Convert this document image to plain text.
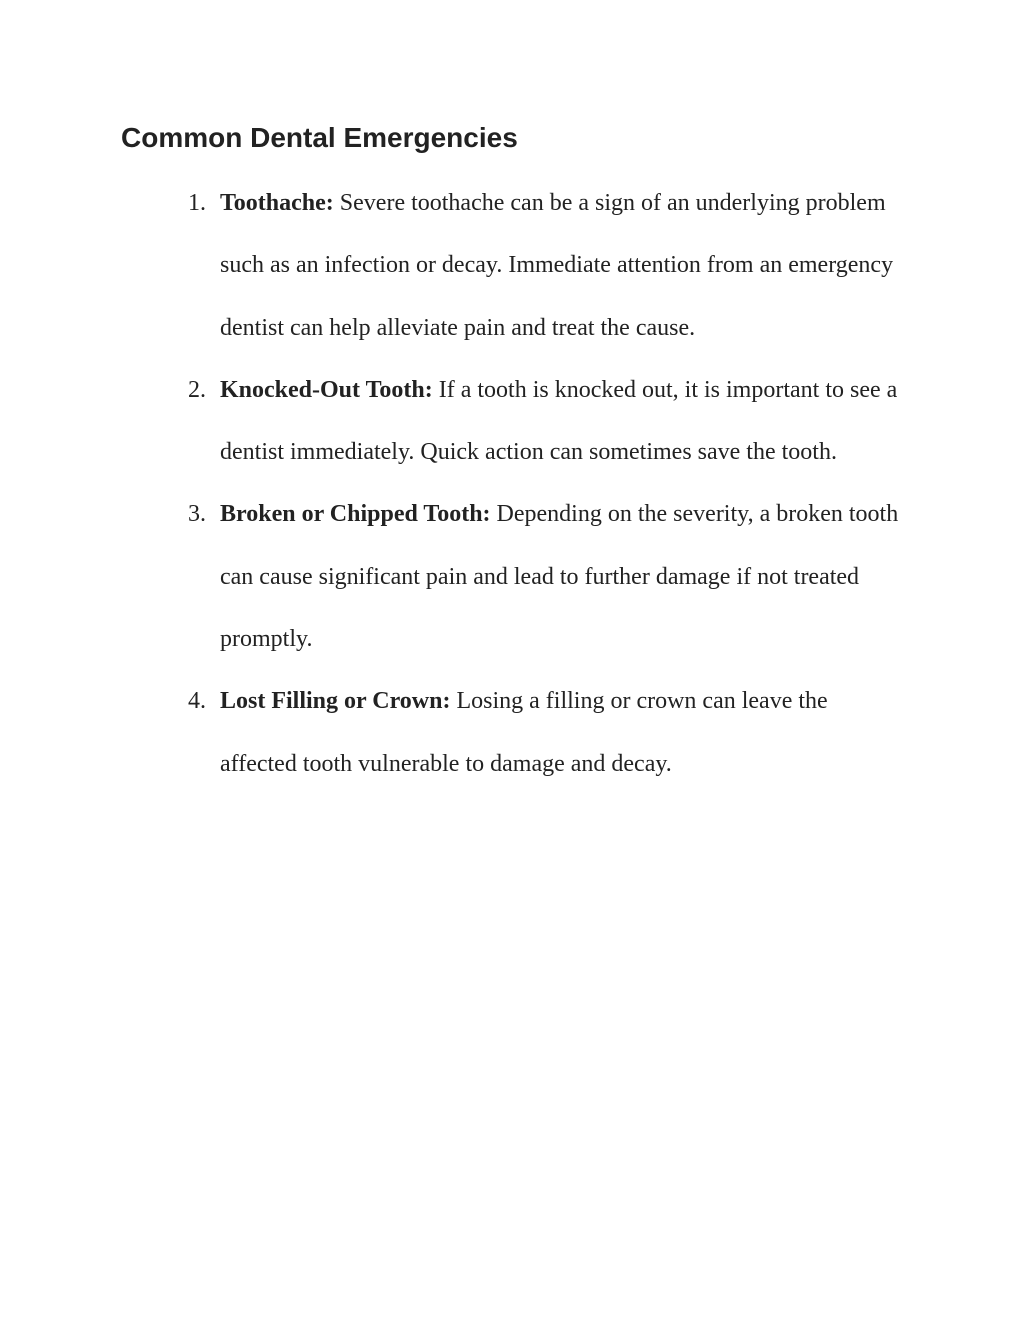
Common Dental Emergencies
1. Toothache: Severe toothache can be a sign of an underlying problem such as an infection or decay. Immediate attention from an emergency dentist can help alleviate pain and treat the cause.
2. Knocked-Out Tooth: If a tooth is knocked out, it is important to see a dentist immediately. Quick action can sometimes save the tooth.
3. Broken or Chipped Tooth: Depending on the severity, a broken tooth can cause significant pain and lead to further damage if not treated promptly.
4. Lost Filling or Crown: Losing a filling or crown can leave the affected tooth vulnerable to damage and decay.
